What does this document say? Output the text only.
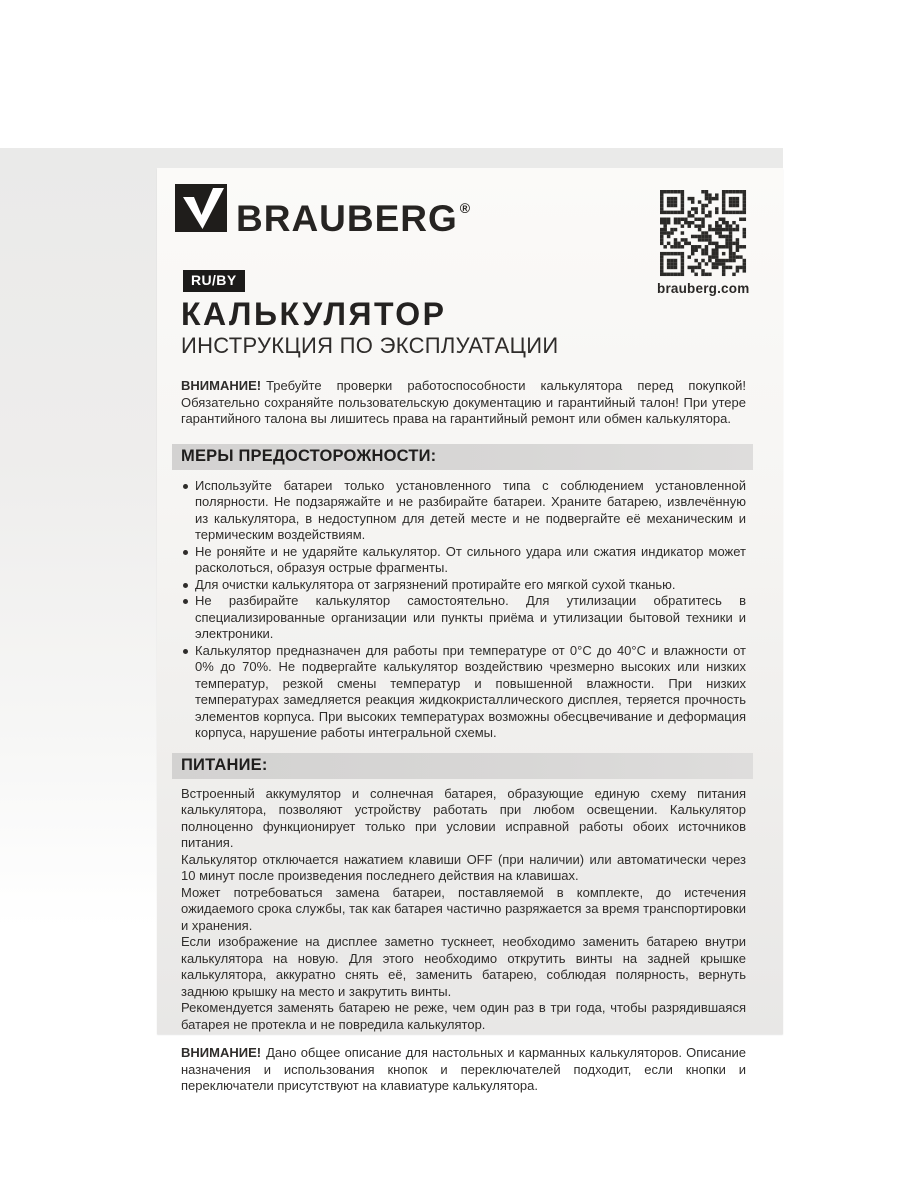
BRAUBERG ®
brauberg.com
RU/BY
КАЛЬКУЛЯТОР
ИНСТРУКЦИЯ ПО ЭКСПЛУАТАЦИИ

ВНИМАНИЕ! Требуйте проверки работоспособности калькулятора перед покупкой! Обязательно сохраняйте пользовательскую документацию и гарантийный талон! При утере гарантийного талона вы лишитесь права на гарантийный ремонт или обмен калькулятора.

МЕРЫ ПРЕДОСТОРОЖНОСТИ:
Используйте батареи только установленного типа с соблюдением установленной полярности. Не подзаряжайте и не разбирайте батареи. Храните батарею, извлечённую из калькулятора, в недоступном для детей месте и не подвергайте её механическим и термическим воздействиям.
Не роняйте и не ударяйте калькулятор. От сильного удара или сжатия индикатор может расколоться, образуя острые фрагменты.
Для очистки калькулятора от загрязнений протирайте его мягкой сухой тканью.
Не разбирайте калькулятор самостоятельно. Для утилизации обратитесь в специализированные организации или пункты приёма и утилизации бытовой техники и электроники.
Калькулятор предназначен для работы при температуре от 0°С до 40°С и влажности от 0% до 70%. Не подвергайте калькулятор воздействию чрезмерно высоких или низких температур, резкой смены температур и повышенной влажности. При низких температурах замедляется реакция жидкокристаллического дисплея, теряется прочность элементов корпуса. При высоких температурах возможны обесцвечивание и деформация корпуса, нарушение работы интегральной схемы.
ПИТАНИЕ:

Встроенный аккумулятор и солнечная батарея, образующие единую схему питания калькулятора, позволяют устройству работать при любом освещении. Калькулятор полноценно функционирует только при условии исправной работы обоих источников питания.

Калькулятор отключается нажатием клавиши OFF (при наличии) или автоматически через 10 минут после произведения последнего действия на клавишах.

Может потребоваться замена батареи, поставляемой в комплекте, до истечения ожидаемого срока службы, так как батарея частично разряжается за время транспортировки и хранения.

Если изображение на дисплее заметно тускнеет, необходимо заменить батарею внутри калькулятора на новую. Для этого необходимо открутить винты на задней крышке калькулятора, аккуратно снять её, заменить батарею, соблюдая полярность, вернуть заднюю крышку на место и закрутить винты.

Рекомендуется заменять батарею не реже, чем один раз в три года, чтобы разрядившаяся батарея не протекла и не повредила калькулятор.

ВНИМАНИЕ! Дано общее описание для настольных и карманных калькуляторов. Описание назначения и использования кнопок и переключателей подходит, если кнопки и переключатели присутствуют на клавиатуре калькулятора.
